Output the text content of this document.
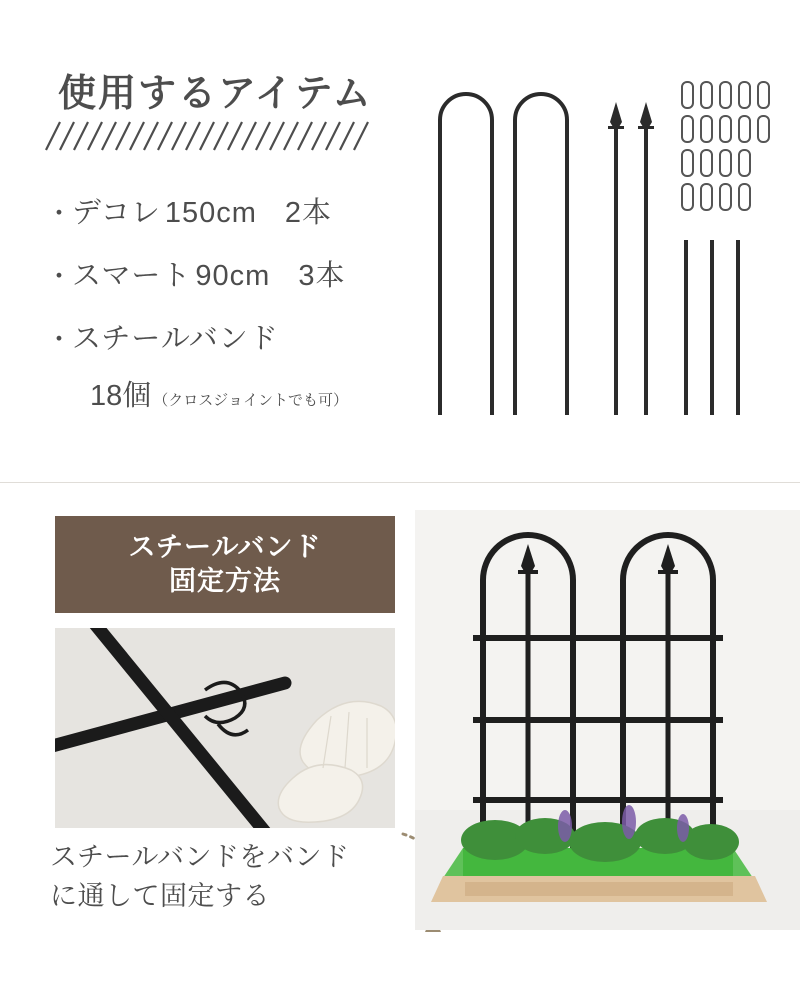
使用するアイテム
・
デコレ 150cm 2本
・
スマート 90cm 3本
・
スチールバンド
18個 （クロスジョイントでも可）
スチールバンド
固定方法
スチールバンドをバンド
に通して固定する
